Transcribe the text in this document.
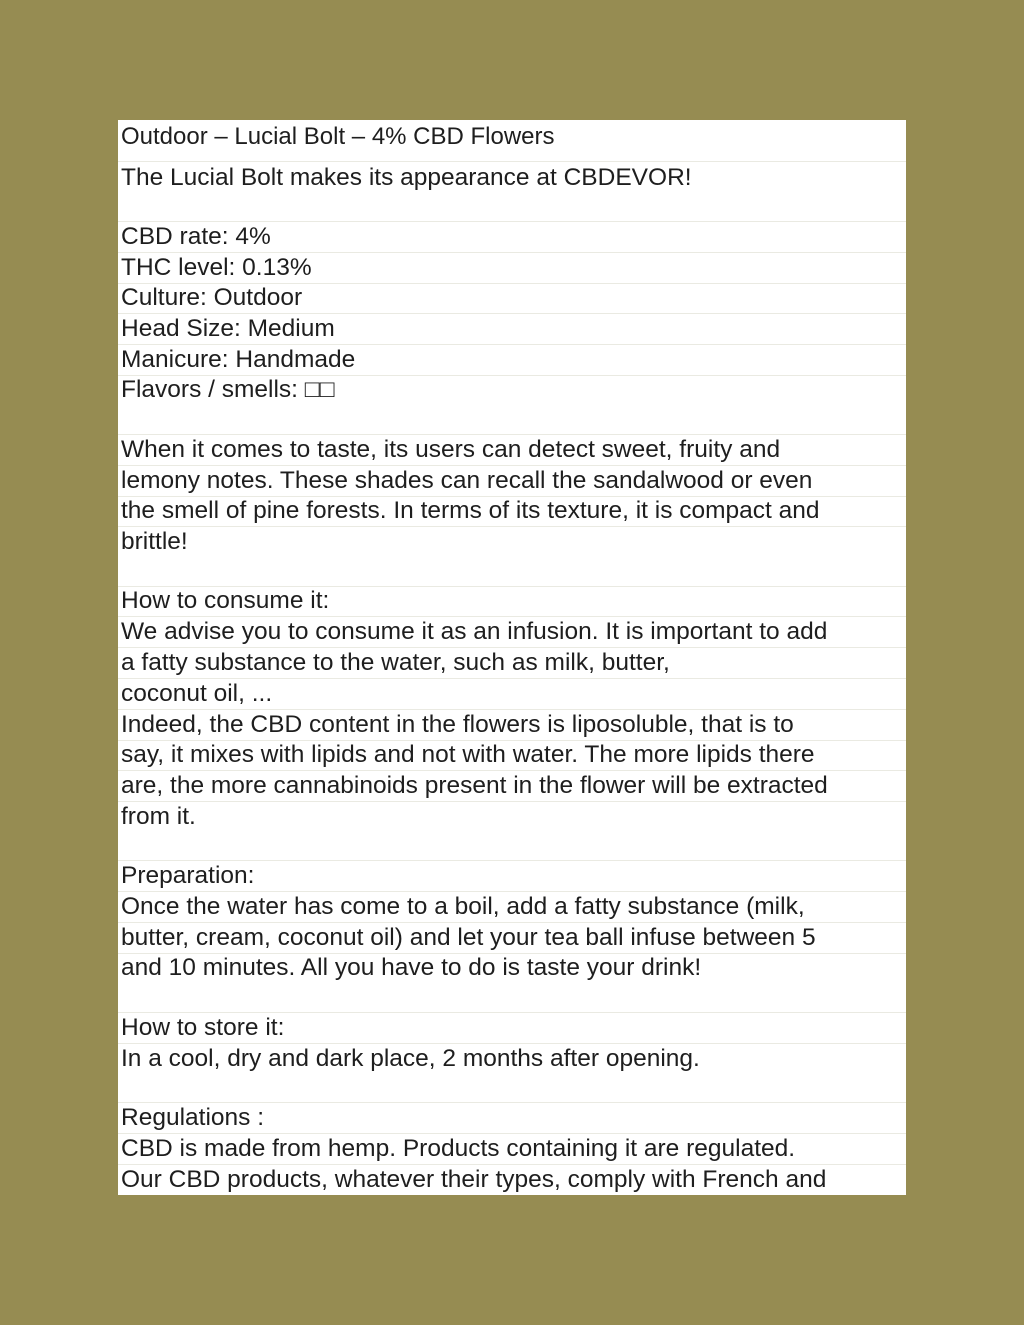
Outdoor – Lucial Bolt – 4% CBD Flowers
The Lucial Bolt makes its appearance at CBDEVOR!
CBD rate: 4%
THC level: 0.13%
Culture: Outdoor
Head Size: Medium
Manicure: Handmade
Flavors / smells: □□
When it comes to taste, its users can detect sweet, fruity and
lemony notes. These shades can recall the sandalwood or even
the smell of pine forests. In terms of its texture, it is compact and
brittle!
How to consume it:
We advise you to consume it as an infusion. It is important to add
a fatty substance to the water, such as milk, butter,
coconut oil, ...
Indeed, the CBD content in the flowers is liposoluble, that is to
say, it mixes with lipids and not with water. The more lipids there
are, the more cannabinoids present in the flower will be extracted
from it.
Preparation:
Once the water has come to a boil, add a fatty substance (milk,
butter, cream, coconut oil) and let your tea ball infuse between 5
and 10 minutes. All you have to do is taste your drink!
How to store it:
In a cool, dry and dark place, 2 months after opening.
Regulations :
CBD is made from hemp. Products containing it are regulated.
Our CBD products, whatever their types, comply with French and
